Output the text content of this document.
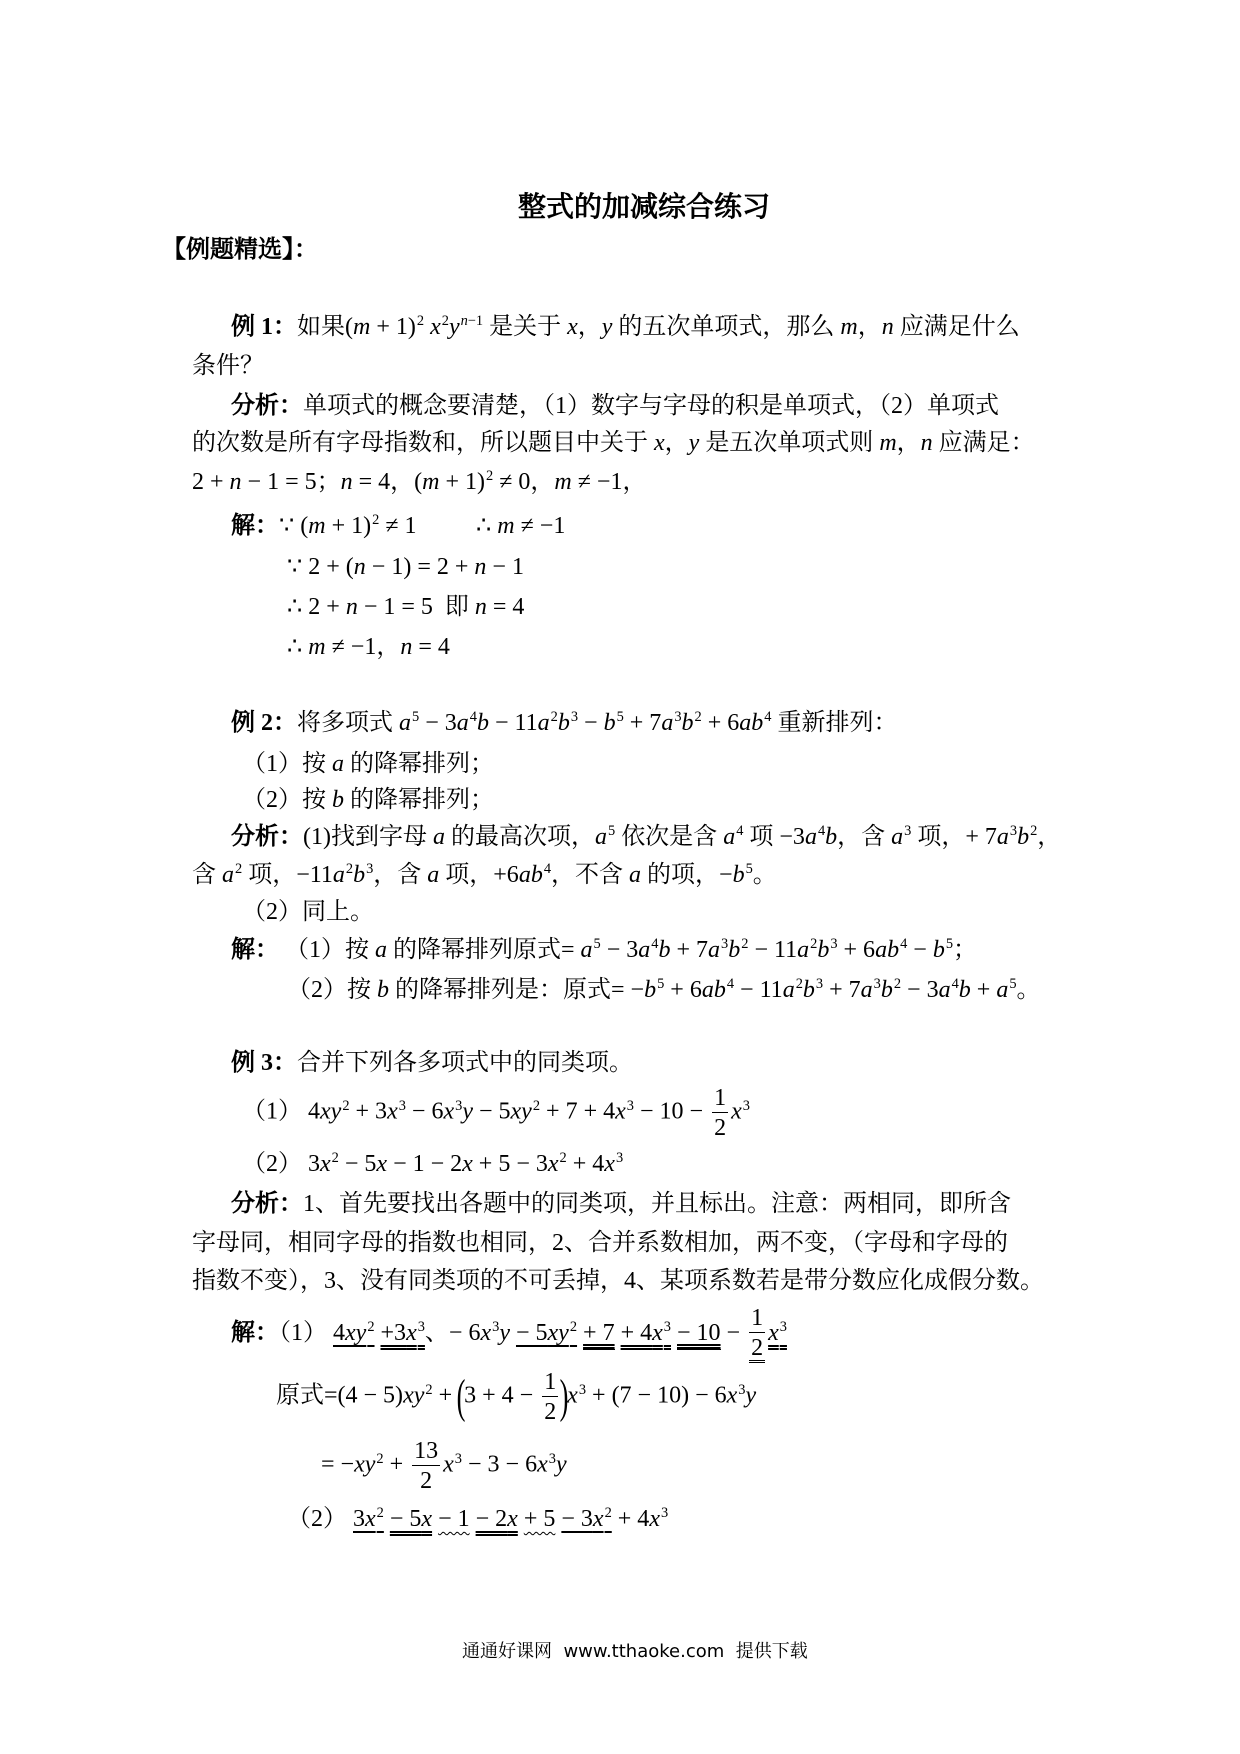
整式的加减综合练习
【例题精选】：
例 1：如果$(m + 1)^2$ $x^2y^{n-1}$ 是关于 x，y 的五次单项式，那么 m，n 应满足什么
条件？
分析：单项式的概念要清楚，（1）数字与字母的积是单项式，（2）单项式
的次数是所有字母指数和，所以题目中关于 x，y 是五次单项式则 m，n 应满足：
2 + n − 1 = 5；n = 4，$(m + 1)^2 \ne 0$，m ≠ −1，
解：∵ $(m + 1)^2 \ne 1$ ∴ m ≠ −1
∵ 2 + (n − 1) = 2 + n − 1
∴ 2 + n − 1 = 5  即 n = 4
∴ m ≠ −1，n = 4
例 2：将多项式 $a^5 - 3a^4b - 11a^2b^3 - b^5 + 7a^3b^2 + 6ab^4$ 重新排列：
（1）按 a 的降幂排列；
（2）按 b 的降幂排列；
分析：(1)找到字母 a 的最高次项，$a^5$ 依次是含 $a^4$ 项 $-3a^4b$，含 $a^3$ 项，+ $7a^3b^2$，
含 $a^2$ 项，$-11a^2b^3$，含 a 项，$+6ab^4$，不含 a 的项，$-b^5$。
（2）同上。
解： （1）按 a 的降幂排列原式= $a^5 - 3a^4b + 7a^3b^2 - 11a^2b^3 + 6ab^4 - b^5$；
（2）按 b 的降幂排列是：原式= $-b^5 + 6ab^4 - 11a^2b^3 + 7a^3b^2 - 3a^4b + a^5$。
例 3：合并下列各多项式中的同类项。
（1） $4xy^2 + 3x^3 - 6x^3y - 5xy^2 + 7 + 4x^3 - 10 - \frac{1}{2} x^3$
（2） $3x^2 - 5x - 1 - 2x + 5 - 3x^2 + 4x^3$
分析：1、首先要找出各题中的同类项，并且标出。注意：两相同，即所含
字母同，相同字母的指数也相同，2、合并系数相加，两不变，（字母和字母的
指数不变），3、没有同类项的不可丢掉，4、某项系数若是带分数应化成假分数。
解：（1） $4xy^2 +3x^3$、− $6x^3y - 5xy^2 + 7 + 4x^3 - 10 - \frac{1}{2} x^3$
原式$=(4 - 5)xy^2 + (3 + 4 - \frac{1}{2} )x^3 + (7 - 10) - 6x^3y$
= $-xy^2 + \frac{13}{2} x^3 - 3 - 6x^3y$
（2） $3x^2 - 5x - 1 - 2x + 5 - 3x^2 + 4x^3$
通通好课网  www.tthaoke.com  提供下载
